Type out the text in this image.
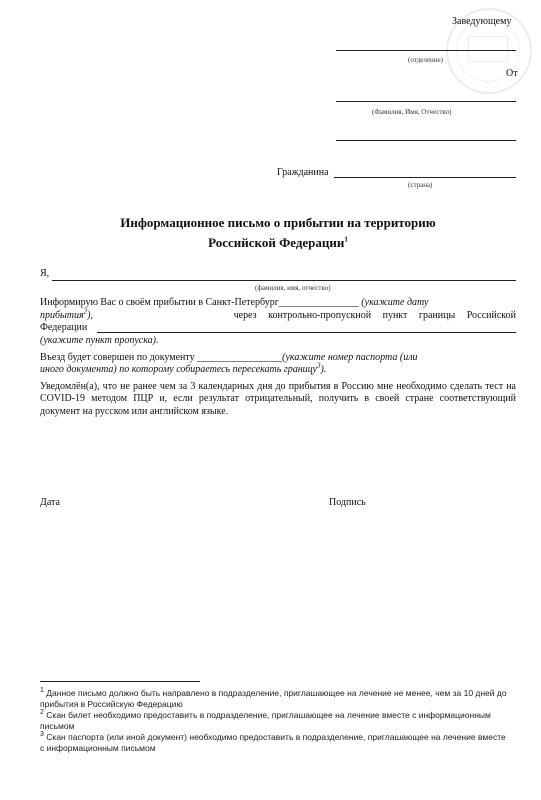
Заведующему
(отделение)
От
(Фамилия, Имя, Отчество)
Гражданина
(страна)
Информационное письмо о прибытии на территорию
Российской Федерации$^1$
Я,
(фамилия, имя, отчество)
Информирую Вас о своём прибытии в Санкт-Петербург________________ (укажите дату
прибытия$^2$),	через контрольно-пропускной пункт границы Российской
Федерации
(укажите пункт пропуска).
Въезд будет совершен по документу _________________(укажите номер паспорта (или
иного документа) по которому собираетесь пересекать границу$^3$).
Уведомлён(а), что не ранее чем за 3 календарных дня до прибытия в Россию мне необходимо сделать тест на COVID-19 методом ПЦР и, если результат отрицательный, получить в своей стране соответствующий документ на русском или английском языке.
Дата	Подпись
$^1$ Данное письмо должно быть направлено в подразделение, приглашающее на лечение не менее, чем за 10 дней до прибытия в Российскую Федерацию
$^2$ Скан билет необходимо предоставить в подразделение, приглашающее на лечение вместе с информационным письмом
$^3$ Скан паспорта (или иной документ) необходимо предоставить в подразделение, приглашающее на лечение вместе с информационным письмом
